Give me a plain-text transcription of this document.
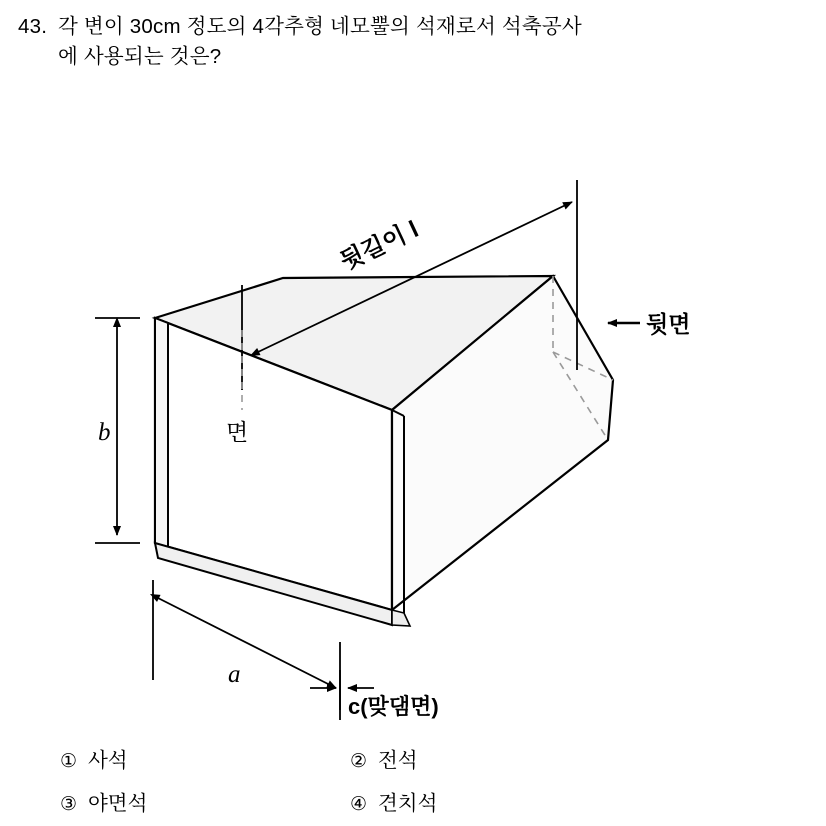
43. 각 변이 30cm 정도의 4각추형 네모뿔의 석재로서 석축공사
에 사용되는 것은?
뒷길이 l
면
뒷면
b
a
c(맞댐면)
① 사석	② 전석
③ 야면석	④ 견치석
